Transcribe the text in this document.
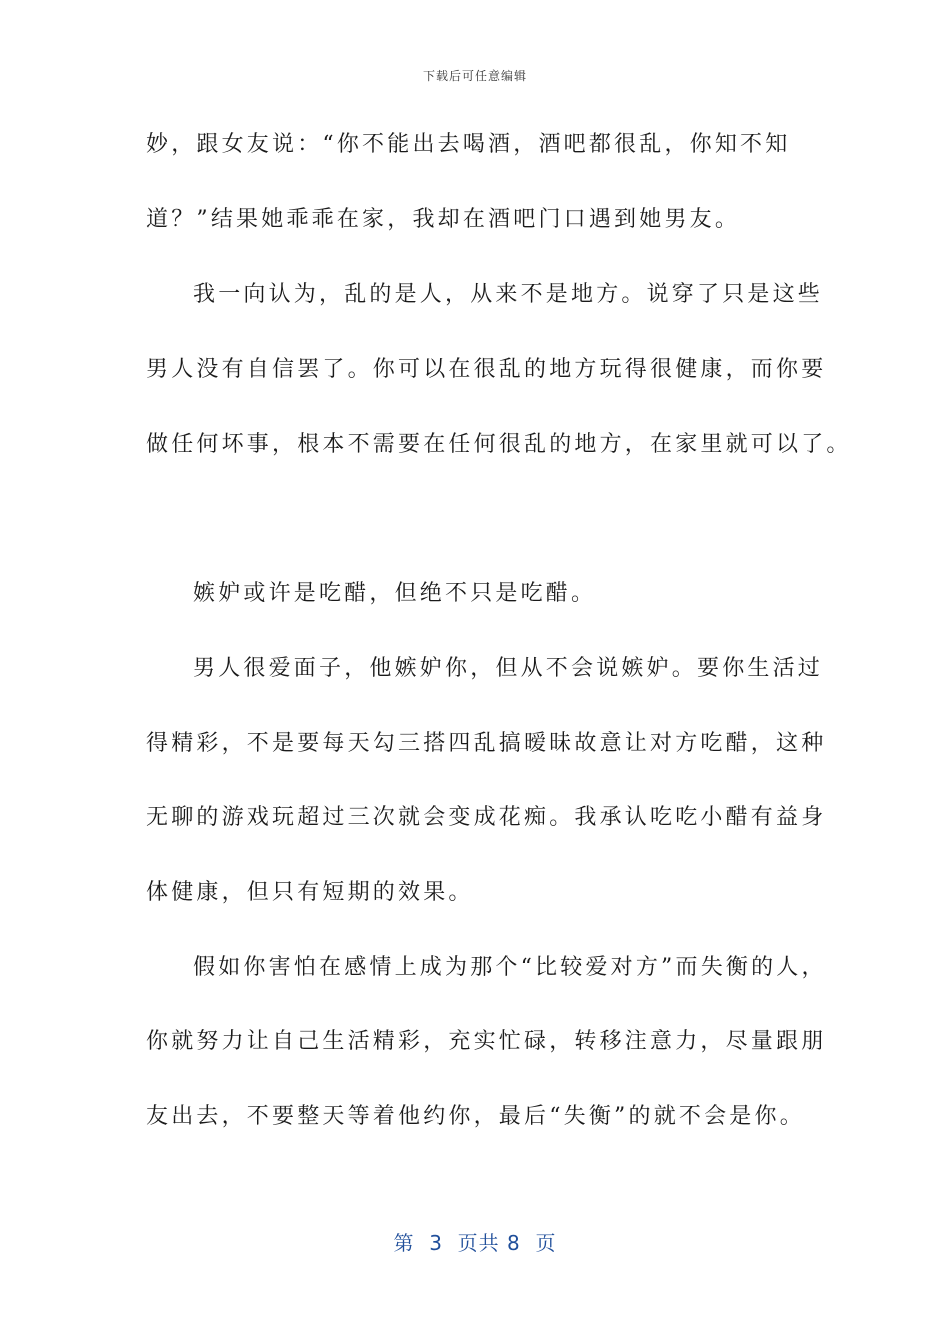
下载后可任意编辑
妙，跟女友说：“你不能出去喝酒，酒吧都很乱，你知不知
道？”结果她乖乖在家，我却在酒吧门口遇到她男友。
我一向认为，乱的是人，从来不是地方。说穿了只是这些
男人没有自信罢了。你可以在很乱的地方玩得很健康，而你要
做任何坏事，根本不需要在任何很乱的地方，在家里就可以了。
嫉妒或许是吃醋，但绝不只是吃醋。
男人很爱面子，他嫉妒你，但从不会说嫉妒。要你生活过
得精彩，不是要每天勾三搭四乱搞暧昧故意让对方吃醋，这种
无聊的游戏玩超过三次就会变成花痴。我承认吃吃小醋有益身
体健康，但只有短期的效果。
假如你害怕在感情上成为那个“比较爱对方”而失衡的人，
你就努力让自己生活精彩，充实忙碌，转移注意力，尽量跟朋
友出去，不要整天等着他约你，最后“失衡”的就不会是你。
第  3  页共 8  页
